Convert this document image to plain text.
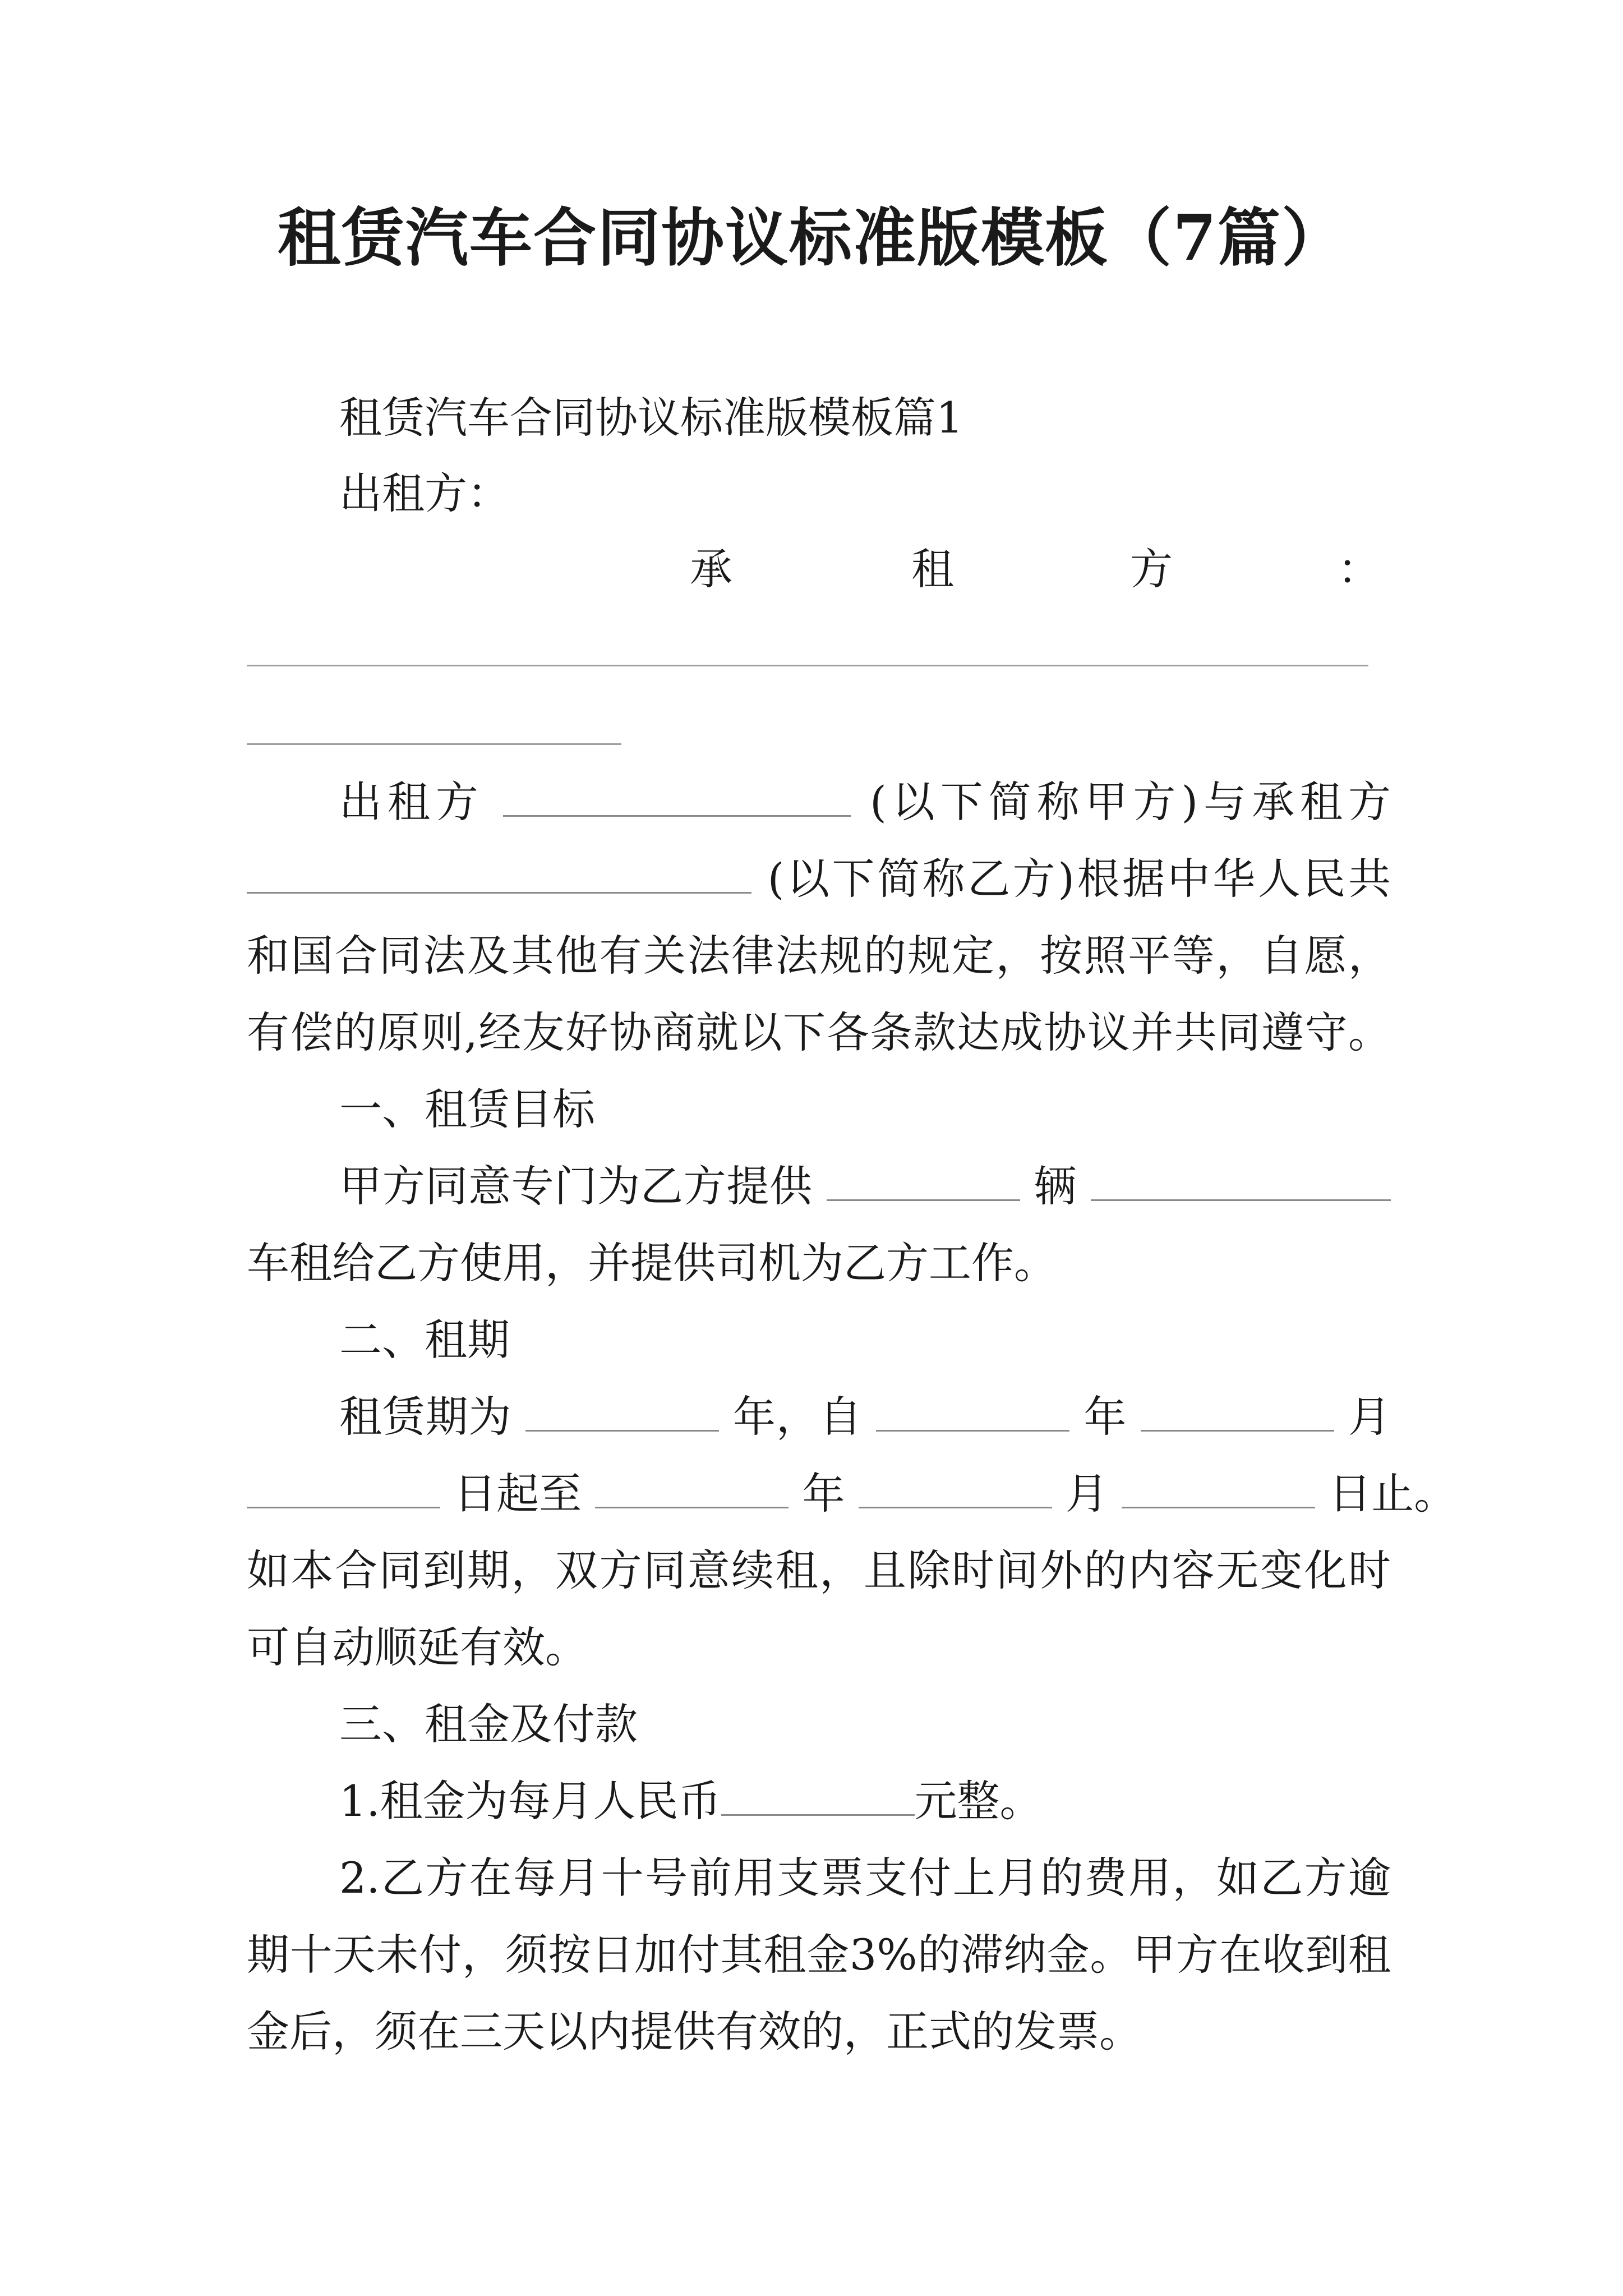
租赁汽车合同协议标准版模板（7篇）
租赁汽车合同协议标准版模板篇1
出租方：
承	租	方	：
出租方	(以下简称甲方)与承租方
(以下简称乙方)根据中华人民共
和国合同法及其他有关法律法规的规定，按照平等，自愿，
有偿的原则,经友好协商就以下各条款达成协议并共同遵守。
一、租赁目标
甲方同意专门为乙方提供	辆
车租给乙方使用，并提供司机为乙方工作。
二、租期
租赁期为	年，自	年	月
日起至	年	月	日止。
如本合同到期，双方同意续租，且除时间外的内容无变化时
可自动顺延有效。
三、租金及付款
1.租金为每月人民币	元整。
2.乙方在每月十号前用支票支付上月的费用，如乙方逾
期十天未付，须按日加付其租金3%的滞纳金。甲方在收到租
金后，须在三天以内提供有效的，正式的发票。
